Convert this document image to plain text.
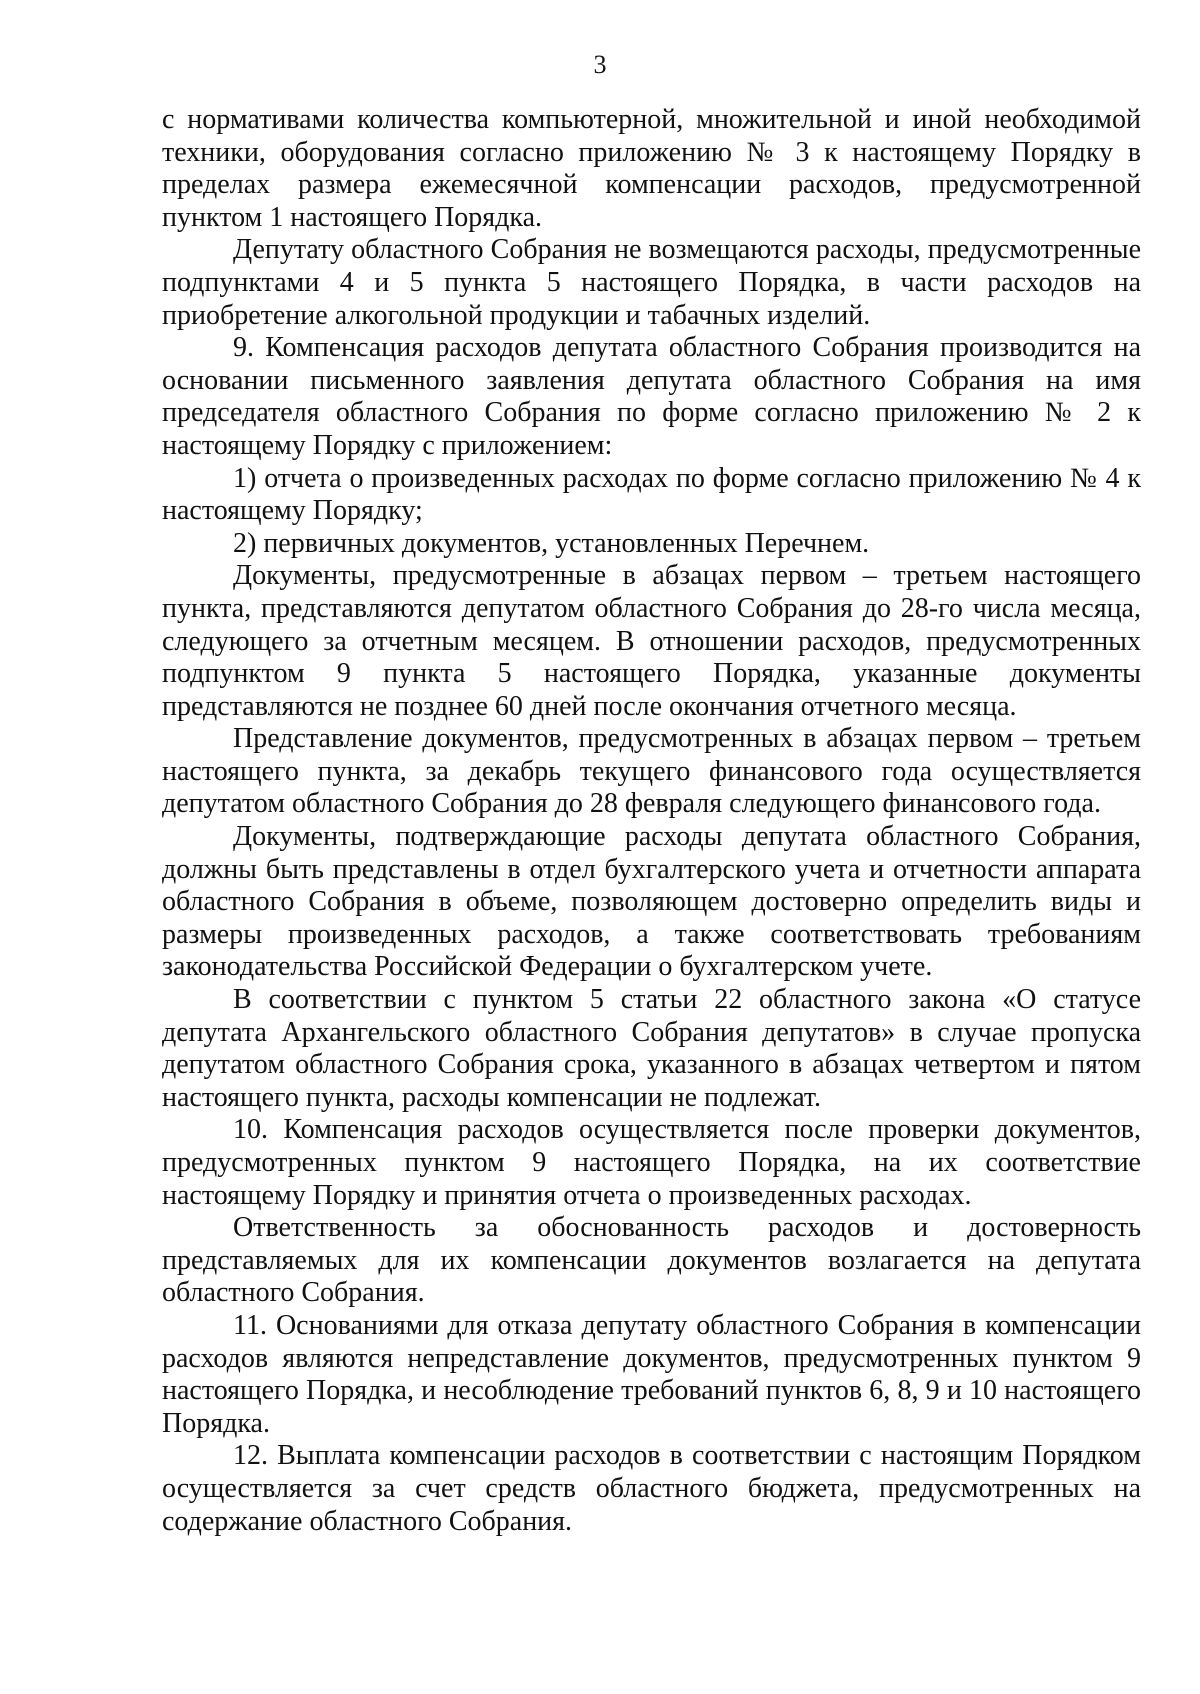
3

с нормативами количества компьютерной, множительной и иной необходимой техники, оборудования согласно приложению № 3 к настоящему Порядку в пределах размера ежемесячной компенсации расходов, предусмотренной пунктом 1 настоящего Порядка.

Депутату областного Собрания не возмещаются расходы, предусмотренные подпунктами 4 и 5 пункта 5 настоящего Порядка, в части расходов на приобретение алкогольной продукции и табачных изделий.

9. Компенсация расходов депутата областного Собрания производится на основании письменного заявления депутата областного Собрания на имя председателя областного Собрания по форме согласно приложению № 2 к настоящему Порядку с приложением:

1) отчета о произведенных расходах по форме согласно приложению № 4 к настоящему Порядку;

2) первичных документов, установленных Перечнем.

Документы, предусмотренные в абзацах первом – третьем настоящего пункта, представляются депутатом областного Собрания до 28-го числа месяца, следующего за отчетным месяцем. В отношении расходов, предусмотренных подпунктом 9 пункта 5 настоящего Порядка, указанные документы представляются не позднее 60 дней после окончания отчетного месяца.

Представление документов, предусмотренных в абзацах первом – третьем настоящего пункта, за декабрь текущего финансового года осуществляется депутатом областного Собрания до 28 февраля следующего финансового года.

Документы, подтверждающие расходы депутата областного Собрания, должны быть представлены в отдел бухгалтерского учета и отчетности аппарата областного Собрания в объеме, позволяющем достоверно определить виды и размеры произведенных расходов, а также соответствовать требованиям законодательства Российской Федерации о бухгалтерском учете.

В соответствии с пунктом 5 статьи 22 областного закона «О статусе депутата Архангельского областного Собрания депутатов» в случае пропуска депутатом областного Собрания срока, указанного в абзацах четвертом и пятом настоящего пункта, расходы компенсации не подлежат.

10. Компенсация расходов осуществляется после проверки документов, предусмотренных пунктом 9 настоящего Порядка, на их соответствие настоящему Порядку и принятия отчета о произведенных расходах.

Ответственность за обоснованность расходов и достоверность представляемых для их компенсации документов возлагается на депутата областного Собрания.

11. Основаниями для отказа депутату областного Собрания в компенсации расходов являются непредставление документов, предусмотренных пунктом 9 настоящего Порядка, и несоблюдение требований пунктов 6, 8, 9 и 10 настоящего Порядка.

12. Выплата компенсации расходов в соответствии с настоящим Порядком осуществляется за счет средств областного бюджета, предусмотренных на содержание областного Собрания.
